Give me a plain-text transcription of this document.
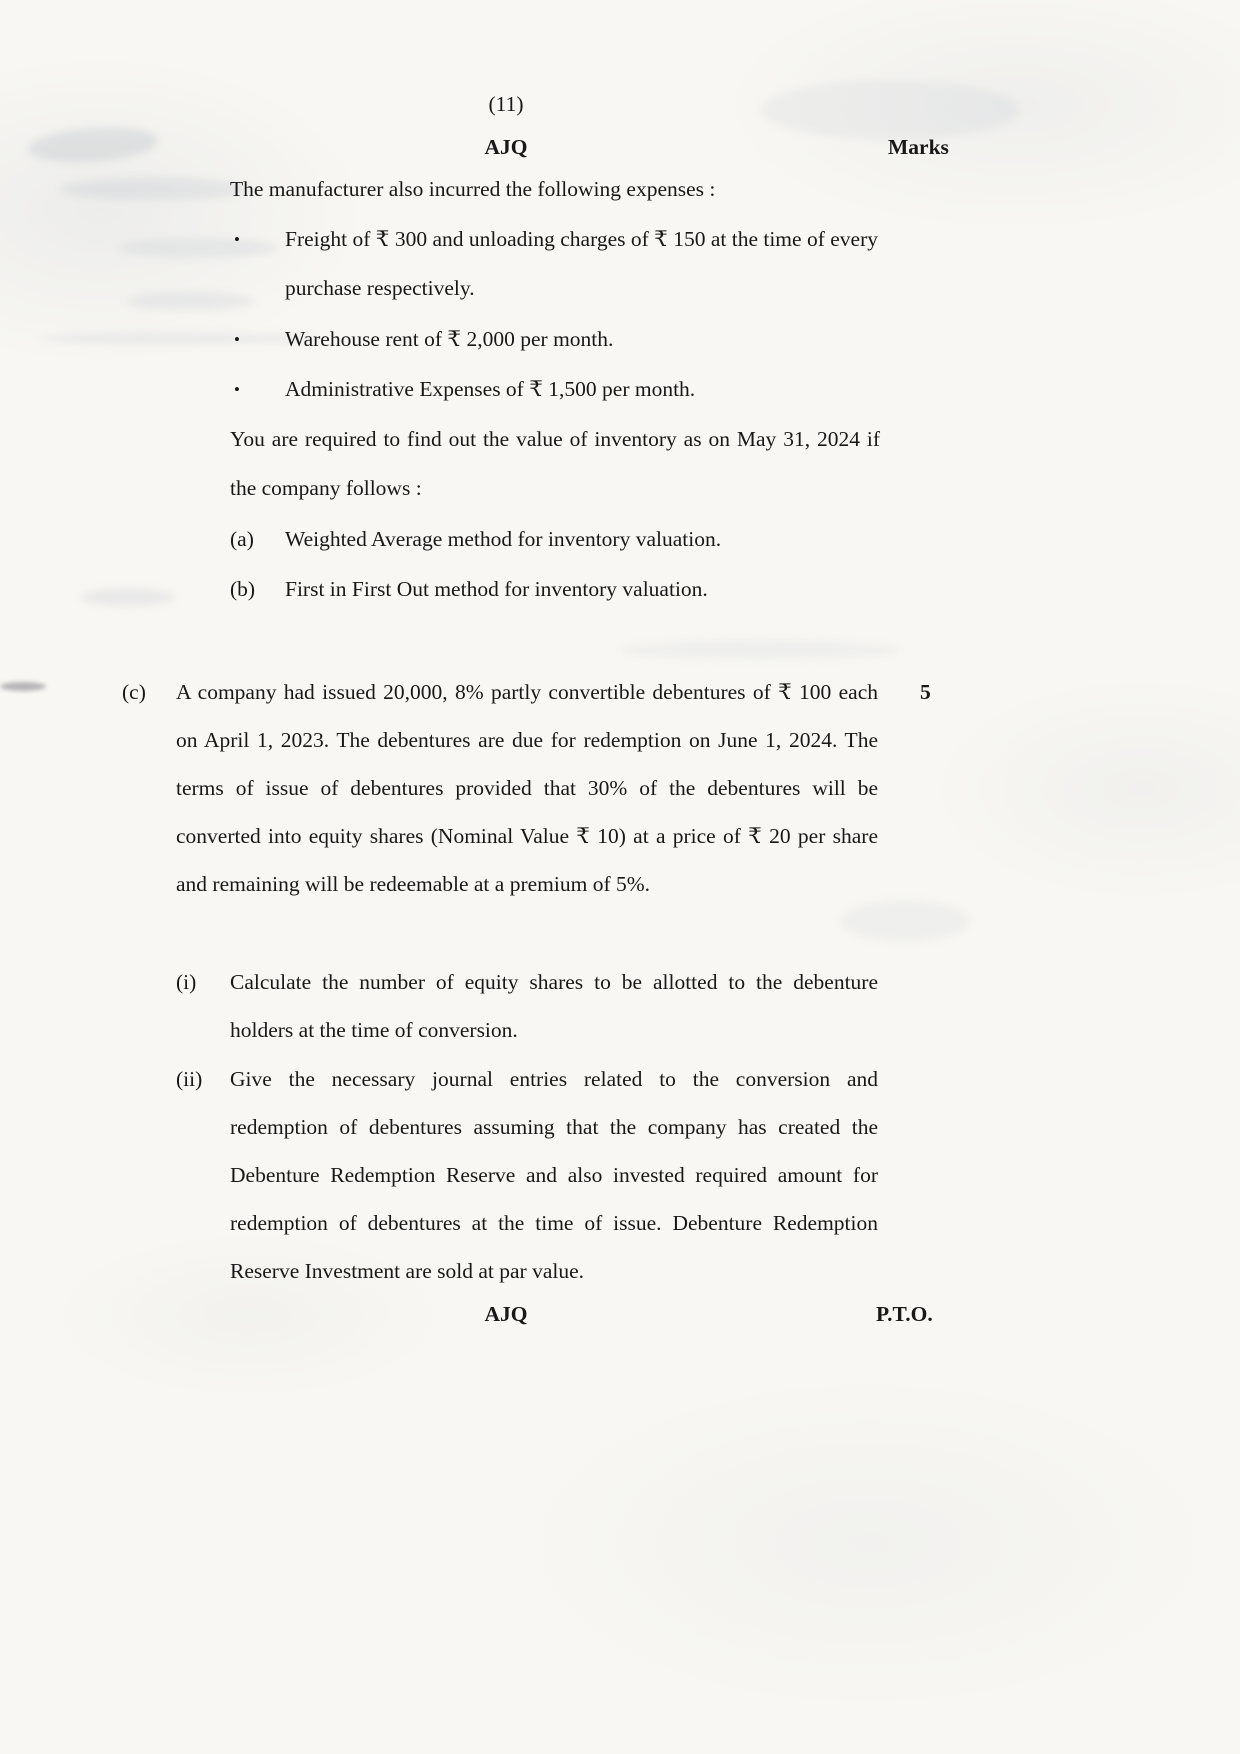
(11)
AJQ	Marks
The manufacturer also incurred the following expenses :
• Freight of ₹ 300 and unloading charges of ₹ 150 at the time of every purchase respectively.
• Warehouse rent of ₹ 2,000 per month.
• Administrative Expenses of ₹ 1,500 per month.
You are required to find out the value of inventory as on May 31, 2024 if the company follows :
(a) Weighted Average method for inventory valuation.
(b) First in First Out method for inventory valuation.
(c) A company had issued 20,000, 8% partly convertible debentures of ₹ 100 each on April 1, 2023. The debentures are due for redemption on June 1, 2024. The terms of issue of debentures provided that 30% of the debentures will be converted into equity shares (Nominal Value ₹ 10) at a price of ₹ 20 per share and remaining will be redeemable at a premium of 5%.
5
(i) Calculate the number of equity shares to be allotted to the debenture holders at the time of conversion.
(ii) Give the necessary journal entries related to the conversion and redemption of debentures assuming that the company has created the Debenture Redemption Reserve and also invested required amount for redemption of debentures at the time of issue. Debenture Redemption Reserve Investment are sold at par value.
AJQ	P.T.O.
